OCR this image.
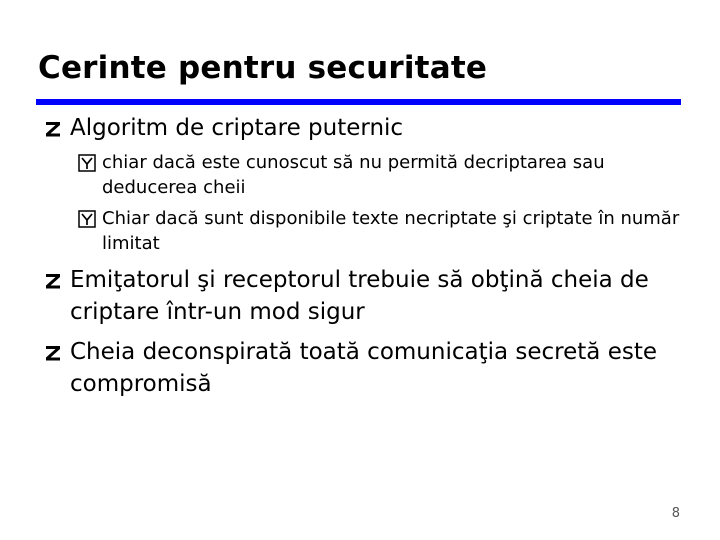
Cerinte pentru securitate
Algoritm de criptare puternic
chiar dacă este cunoscut să nu permită decriptarea sau deducerea cheii
Chiar dacă sunt disponibile texte necriptate şi criptate în număr limitat
Emiţatorul şi receptorul trebuie să obţină cheia de criptare într-un mod sigur
Cheia deconspirată toată comunicaţia secretă este compromisă
8
